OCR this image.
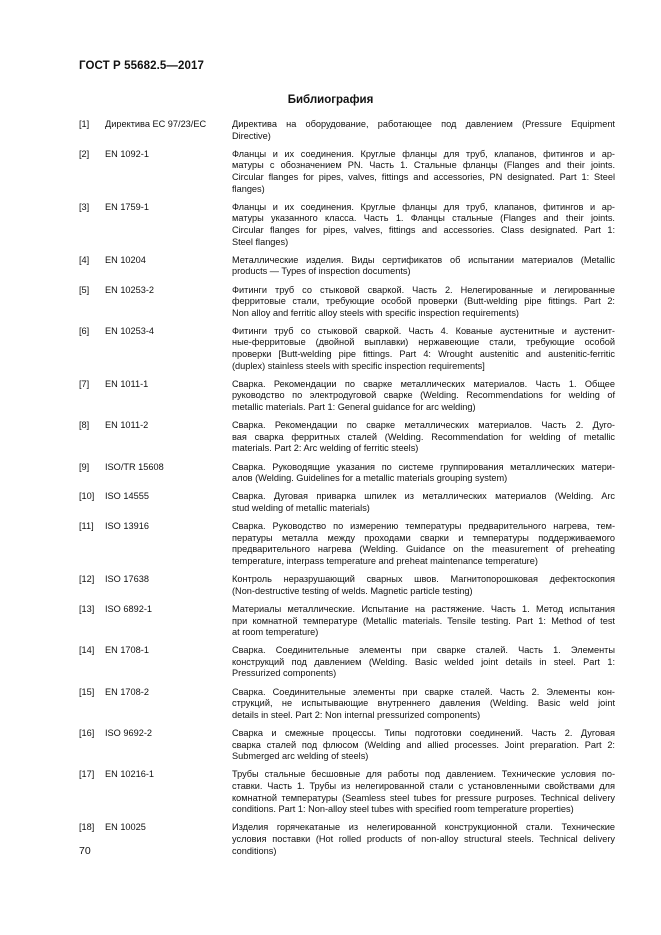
ГОСТ Р 55682.5—2017
Библиография
[1]	Директива ЕС 97/23/ЕС	Директива на оборудование, работающее под давлением (Pressure Equipment
Directive)
[2]	EN 1092-1	Фланцы и их соединения. Круглые фланцы для труб, клапанов, фитингов и ар-
матуры с обозначением PN. Часть 1. Стальные фланцы (Flanges and their joints.
Circular flanges for pipes, valves, fittings and accessories, PN designated. Part 1: Steel
flanges)
[3]	EN 1759-1	Фланцы и их соединения. Круглые фланцы для труб, клапанов, фитингов и ар-
матуры указанного класса. Часть 1. Фланцы стальные (Flanges and their joints.
Circular flanges for pipes, valves, fittings and accessories. Class designated. Part 1:
Steel flanges)
[4]	EN 10204	Металлические изделия. Виды сертификатов об испытании материалов (Metallic
products — Types of inspection documents)
[5]	EN 10253-2	Фитинги труб со стыковой сваркой. Часть 2. Нелегированные и легированные
ферритовые стали, требующие особой проверки (Butt-welding pipe fittings. Part 2:
Non alloy and ferritic alloy steels with specific inspection requirements)
[6]	EN 10253-4	Фитинги труб со стыковой сваркой. Часть 4. Кованые аустенитные и аустенит-
ные-ферритовые (двойной выплавки) нержавеющие стали, требующие особой
проверки [Butt-welding pipe fittings. Part 4: Wrought austenitic and austenitic-ferritic
(duplex) stainless steels with specific inspection requirements]
[7]	EN 1011-1	Сварка. Рекомендации по сварке металлических материалов. Часть 1. Общее
руководство по электродуговой сварке (Welding. Recommendations for welding of
metallic materials. Part 1: General guidance for arc welding)
[8]	EN 1011-2	Сварка. Рекомендации по сварке металлических материалов. Часть 2. Дуго-
вая сварка ферритных сталей (Welding. Recommendation for welding of metallic
materials. Part 2: Arc welding of ferritic steels)
[9]	ISO/TR 15608	Сварка. Руководящие указания по системе группирования металлических матери-
алов (Welding. Guidelines for a metallic materials grouping system)
[10]	ISO 14555	Сварка. Дуговая приварка шпилек из металлических материалов (Welding. Arc
stud welding of metallic materials)
[11]	ISO 13916	Сварка. Руководство по измерению температуры предварительного нагрева, тем-
пературы металла между проходами сварки и температуры поддерживаемого
предварительного нагрева (Welding. Guidance on the measurement of preheating
temperature, interpass temperature and preheat maintenance temperature)
[12]	ISO 17638	Контроль неразрушающий сварных швов. Магнитопорошковая дефектоскопия
(Non-destructive testing of welds. Magnetic particle testing)
[13]	ISO 6892-1	Материалы металлические. Испытание на растяжение. Часть 1. Метод испытания
при комнатной температуре (Metallic materials. Tensile testing. Part 1: Method of test
at room temperature)
[14]	EN 1708-1	Сварка. Соединительные элементы при сварке сталей. Часть 1. Элементы
конструкций под давлением (Welding. Basic welded joint details in steel. Part 1:
Pressurized components)
[15]	EN 1708-2	Сварка. Соединительные элементы при сварке сталей. Часть 2. Элементы кон-
струкций, не испытывающие внутреннего давления (Welding. Basic weld joint
details in steel. Part 2: Non internal pressurized components)
[16]	ISO 9692-2	Сварка и смежные процессы. Типы подготовки соединений. Часть 2. Дуговая
сварка сталей под флюсом (Welding and allied processes. Joint preparation. Part 2:
Submerged arc welding of steels)
[17]	EN 10216-1	Трубы стальные бесшовные для работы под давлением. Технические условия по-
ставки. Часть 1. Трубы из нелегированной стали с установленными свойствами для
комнатной температуры (Seamless steel tubes for pressure purposes. Technical delivery
conditions. Part 1: Non-alloy steel tubes with specified room temperature properties)
[18]	EN 10025	Изделия горячекатаные из нелегированной конструкционной стали. Технические
условия поставки (Hot rolled products of non-alloy structural steels. Technical delivery
conditions)
70
